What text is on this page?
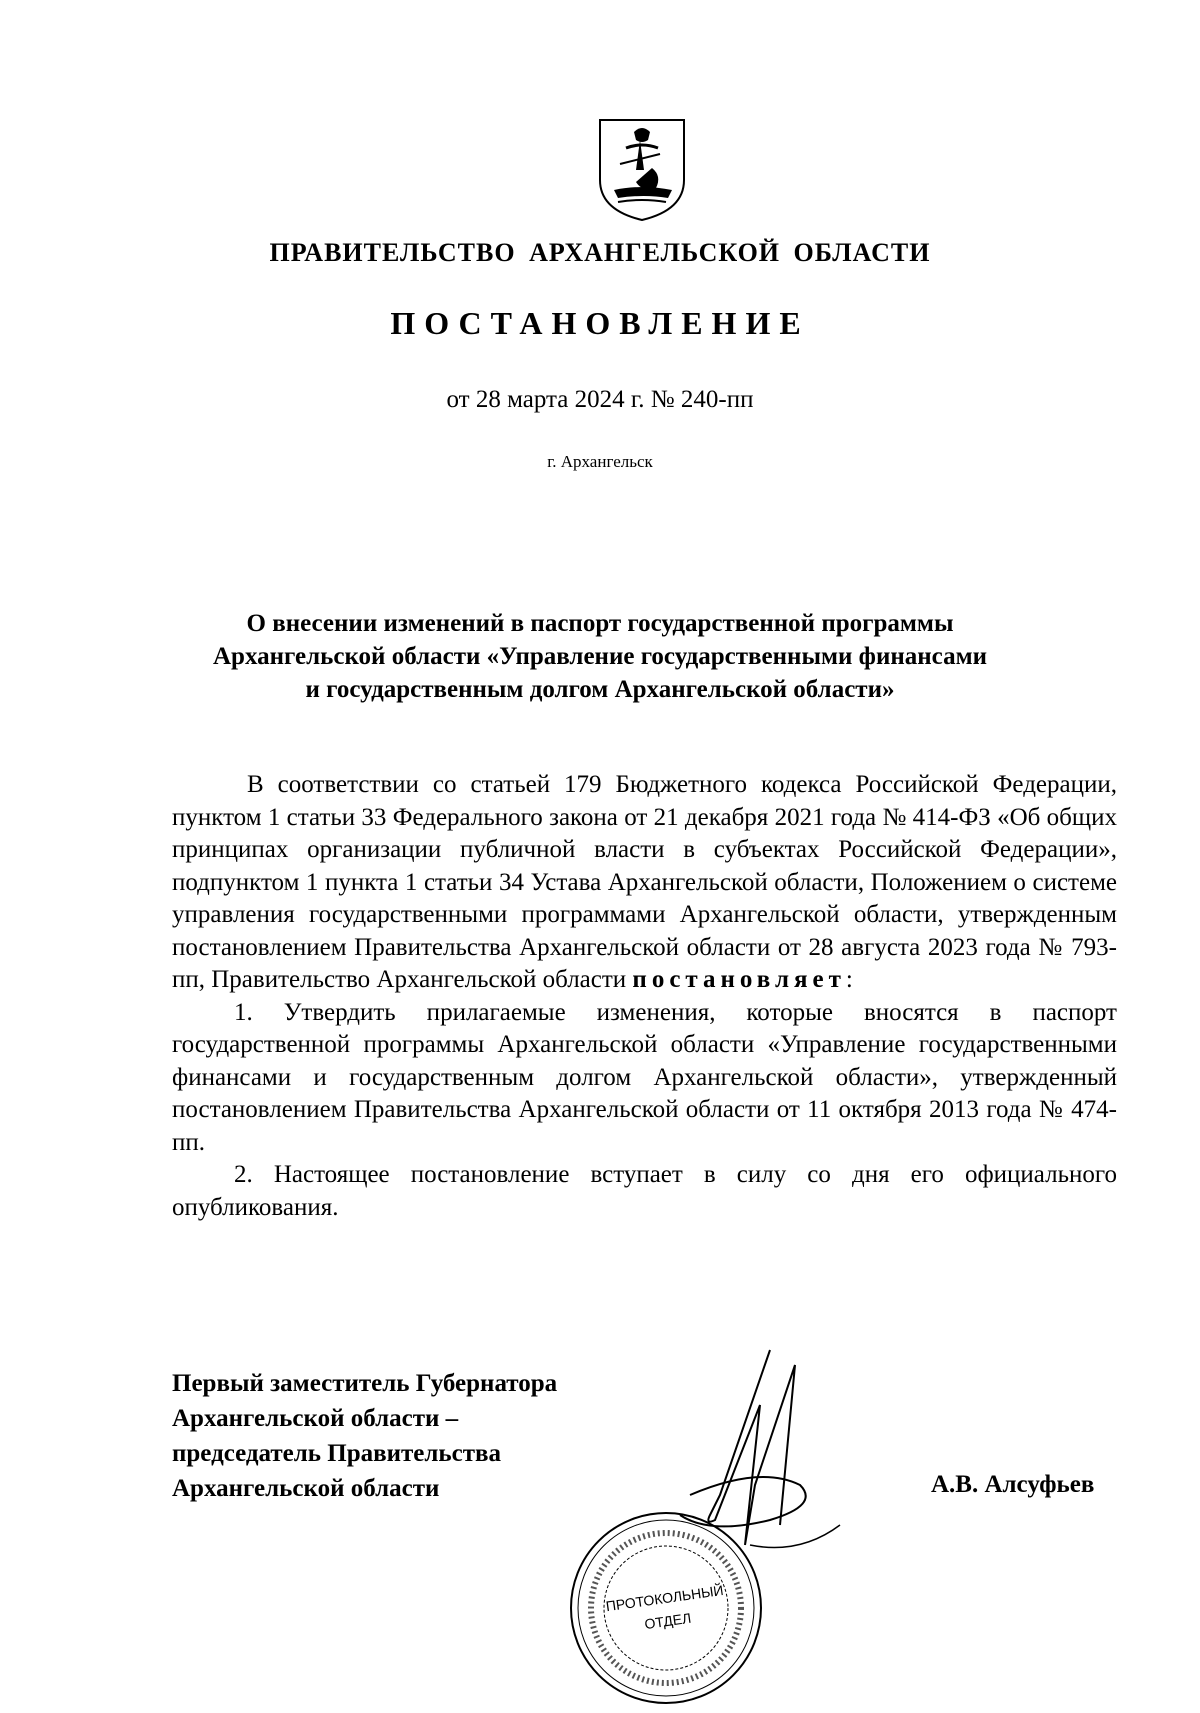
ПРАВИТЕЛЬСТВО АРХАНГЕЛЬСКОЙ ОБЛАСТИ
ПОСТАНОВЛЕНИЕ
от 28 марта 2024 г. № 240-пп
г. Архангельск
О внесении изменений в паспорт государственной программы
Архангельской области «Управление государственными финансами
и государственным долгом Архангельской области»

В соответствии со статьей 179 Бюджетного кодекса Российской Федерации, пунктом 1 статьи 33 Федерального закона от 21 декабря 2021 года № 414-ФЗ «Об общих принципах организации публичной власти в субъектах Российской Федерации», подпунктом 1 пункта 1 статьи 34 Устава Архангельской области, Положением о системе управления государственными программами Архангельской области, утвержденным постановлением Правительства Архангельской области от 28 августа 2023 года № 793-пп, Правительство Архангельской области постановляет:

1. Утвердить прилагаемые изменения, которые вносятся в паспорт государственной программы Архангельской области «Управление государственными финансами и государственным долгом Архангельской области», утвержденный постановлением Правительства Архангельской области от 11 октября 2013 года № 474-пп.

2. Настоящее постановление вступает в силу со дня его официального опубликования.

Первый заместитель Губернатора
Архангельской области –
председатель Правительства
Архангельской области	А.В. Алсуфьев
ПРОТОКОЛЬНЫЙ
ОТДЕЛ
